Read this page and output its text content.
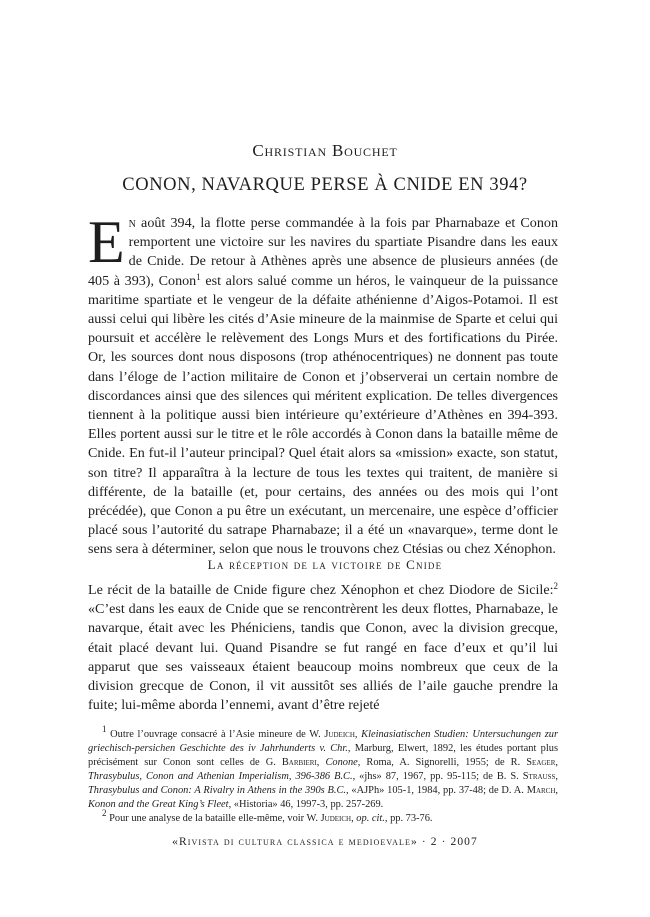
Christian Bouchet
CONON, NAVARQUE PERSE À CNIDE EN 394?

En août 394, la flotte perse commandée à la fois par Pharnabaze et Conon remportent une victoire sur les navires du spartiate Pisandre dans les eaux de Cnide. De retour à Athènes après une absence de plusieurs années (de 405 à 393), Conon$^1$ est alors salué comme un héros, le vainqueur de la puissance maritime spartiate et le vengeur de la défaite athénienne d’Aigos-Potamoi. Il est aussi celui qui libère les cités d’Asie mineure de la mainmise de Sparte et celui qui poursuit et accélère le relèvement des Longs Murs et des fortifications du Pirée. Or, les sources dont nous disposons (trop athénocentriques) ne donnent pas toute dans l’éloge de l’action militaire de Conon et j’observerai un certain nombre de discordances ainsi que des silences qui méritent explication. De telles divergences tiennent à la politique aussi bien intérieure qu’extérieure d’Athènes en 394-393. Elles portent aussi sur le titre et le rôle accordés à Conon dans la bataille même de Cnide. En fut-il l’auteur principal? Quel était alors sa «mission» exacte, son statut, son titre? Il apparaîtra à la lecture de tous les textes qui traitent, de manière si différente, de la bataille (et, pour certains, des années ou des mois qui l’ont précédée), que Conon a pu être un exécutant, un mercenaire, une espèce d’officier placé sous l’autorité du satrape Pharnabaze; il a été un «navarque», terme dont le sens sera à déterminer, selon que nous le trouvons chez Ctésias ou chez Xénophon.

La réception de la victoire de Cnide

Le récit de la bataille de Cnide figure chez Xénophon et chez Diodore de Sicile:$^2$ «C’est dans les eaux de Cnide que se rencontrèrent les deux flottes, Pharnabaze, le navarque, était avec les Phéniciens, tandis que Conon, avec la division grecque, était placé devant lui. Quand Pisandre se fut rangé en face d’eux et qu’il lui apparut que ses vaisseaux étaient beaucoup moins nombreux que ceux de la division grecque de Conon, il vit aussitôt ses alliés de l’aile gauche prendre la fuite; lui-même aborda l’ennemi, avant d’être rejeté

$^1$ Outre l’ouvrage consacré à l’Asie mineure de W. Judeich, Kleinasiatischen Studien: Untersuchungen zur griechisch-persichen Geschichte des iv Jahrhunderts v. Chr., Marburg, Elwert, 1892, les études portant plus précisément sur Conon sont celles de G. Barbieri, Conone, Roma, A. Signorelli, 1955; de R. Seager, Thrasybulus, Conon and Athenian Imperialism, 396-386 B.C., «jhs» 87, 1967, pp. 95-115; de B. S. Strauss, Thrasybulus and Conon: A Rivalry in Athens in the 390s B.C., «AJPh» 105-1, 1984, pp. 37-48; de D. A. March, Konon and the Great King’s Fleet, «Historia» 46, 1997-3, pp. 257-269.

$^2$ Pour une analyse de la bataille elle-même, voir W. Judeich, op. cit., pp. 73-76.

«Rivista di cultura classica e medioevale» · 2 · 2007
